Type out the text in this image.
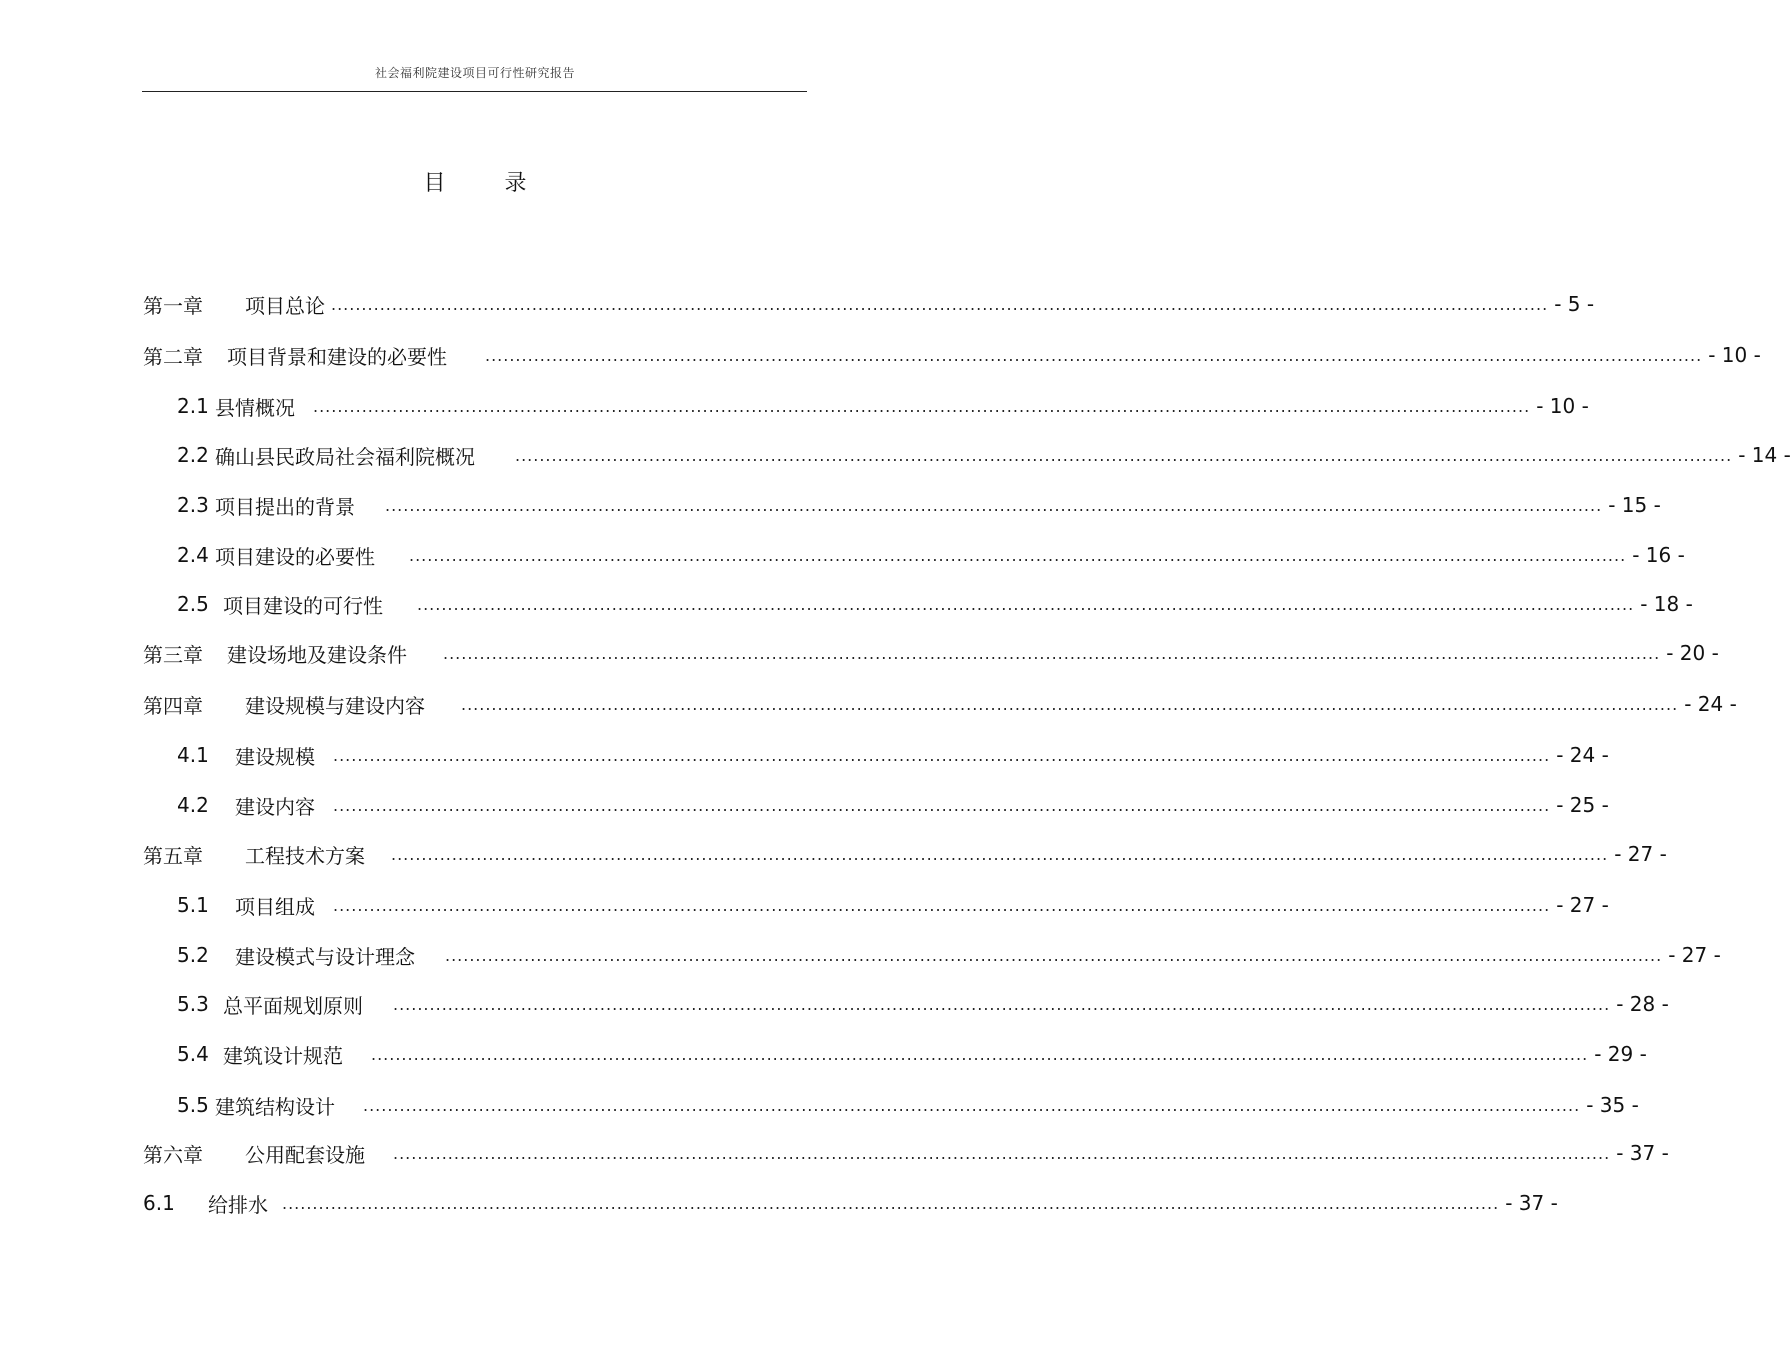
社会福利院建设项目可行性研究报告
目	录
第一章	项目总论 ........................................................................................................................................................................................................ - 5 -
第二章	项目背景和建设的必要性 ........................................................................................................................................................................................................ - 10 -
2.1 县情概况 ........................................................................................................................................................................................................ - 10 -
2.2 确山县民政局社会福利院概况	........................................................................................................................................................................................................ - 14 -
2.3 项目提出的背景 ........................................................................................................................................................................................................ - 15 -
2.4 项目建设的必要性 ........................................................................................................................................................................................................ - 16 -
2.5 项目建设的可行性 ........................................................................................................................................................................................................ - 18 -
第三章	建设场地及建设条件 ........................................................................................................................................................................................................ - 20 -
第四章	建设规模与建设内容 ........................................................................................................................................................................................................ - 24 -
4.1	建设规模 ........................................................................................................................................................................................................ - 24 -
4.2	建设内容 ........................................................................................................................................................................................................ - 25 -
第五章	工程技术方案 ........................................................................................................................................................................................................ - 27 -
5.1	项目组成 ........................................................................................................................................................................................................ - 27 -
5.2	建设模式与设计理念 ........................................................................................................................................................................................................ - 27 -
5.3 总平面规划原则 ........................................................................................................................................................................................................ - 28 -
5.4 建筑设计规范 ........................................................................................................................................................................................................ - 29 -
5.5 建筑结构设计 ........................................................................................................................................................................................................ - 35 -
第六章	公用配套设施 ........................................................................................................................................................................................................ - 37 -
6.1	给排水 ........................................................................................................................................................................................................ - 37 -
